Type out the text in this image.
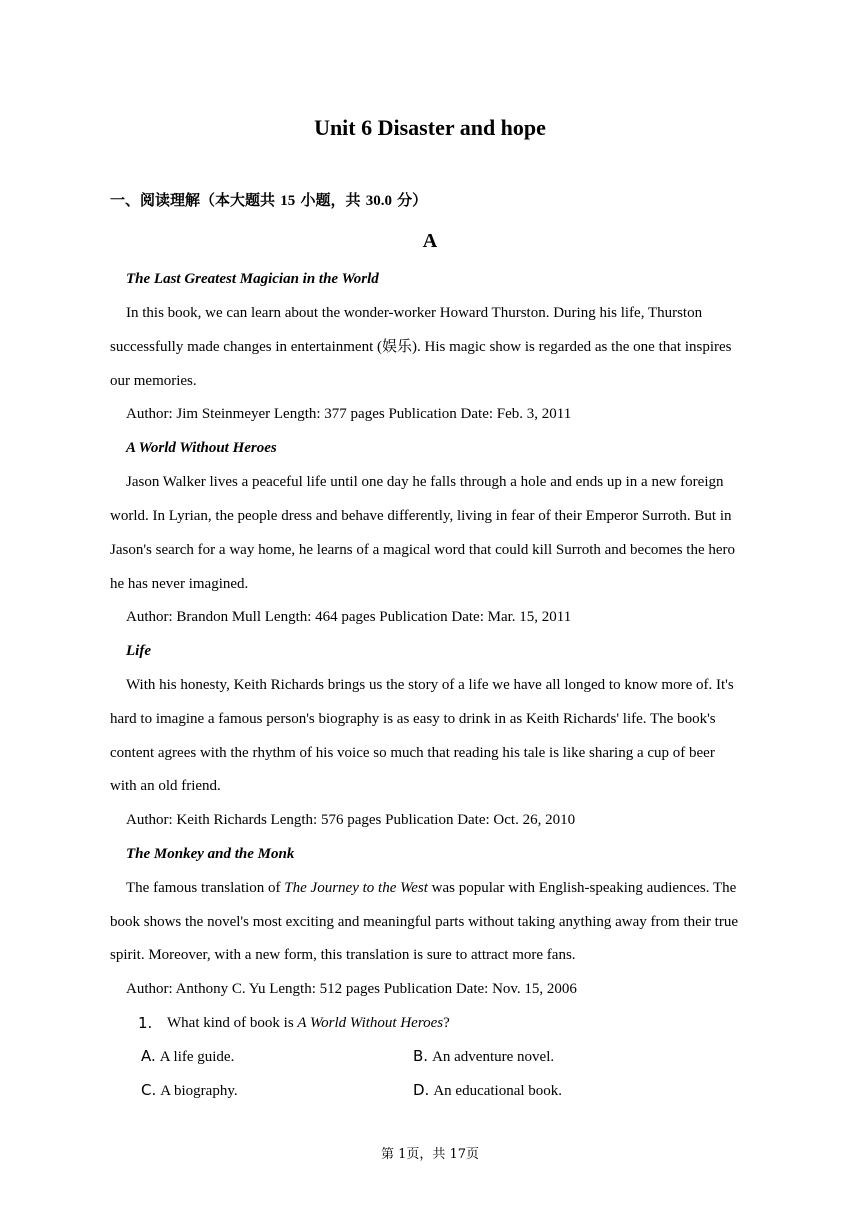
Unit 6 Disaster and hope
一、阅读理解（本大题共 15 小题，共 30.0 分）
A
The Last Greatest Magician in the World
In this book, we can learn about the wonder-worker Howard Thurston. During his life, Thurston
successfully made changes in entertainment (娱乐). His magic show is regarded as the one that inspires
our memories.
Author: Jim Steinmeyer Length: 377 pages Publication Date: Feb. 3, 2011
A World Without Heroes
Jason Walker lives a peaceful life until one day he falls through a hole and ends up in a new foreign
world. In Lyrian, the people dress and behave differently, living in fear of their Emperor Surroth. But in
Jason's search for a way home, he learns of a magical word that could kill Surroth and becomes the hero
he has never imagined.
Author: Brandon Mull Length: 464 pages Publication Date: Mar. 15, 2011
Life
With his honesty, Keith Richards brings us the story of a life we have all longed to know more of. It's
hard to imagine a famous person's biography is as easy to drink in as Keith Richards' life. The book's
content agrees with the rhythm of his voice so much that reading his tale is like sharing a cup of beer
with an old friend.
Author: Keith Richards Length: 576 pages Publication Date: Oct. 26, 2010
The Monkey and the Monk
The famous translation of The Journey to the West was popular with English-speaking audiences. The
book shows the novel's most exciting and meaningful parts without taking anything away from their true
spirit. Moreover, with a new form, this translation is sure to attract more fans.
Author: Anthony C. Yu Length: 512 pages Publication Date: Nov. 15, 2006
1. What kind of book is A World Without Heroes?
A. A life guide.	B. An adventure novel.
C. A biography.	D. An educational book.
第 1页，共 17页
